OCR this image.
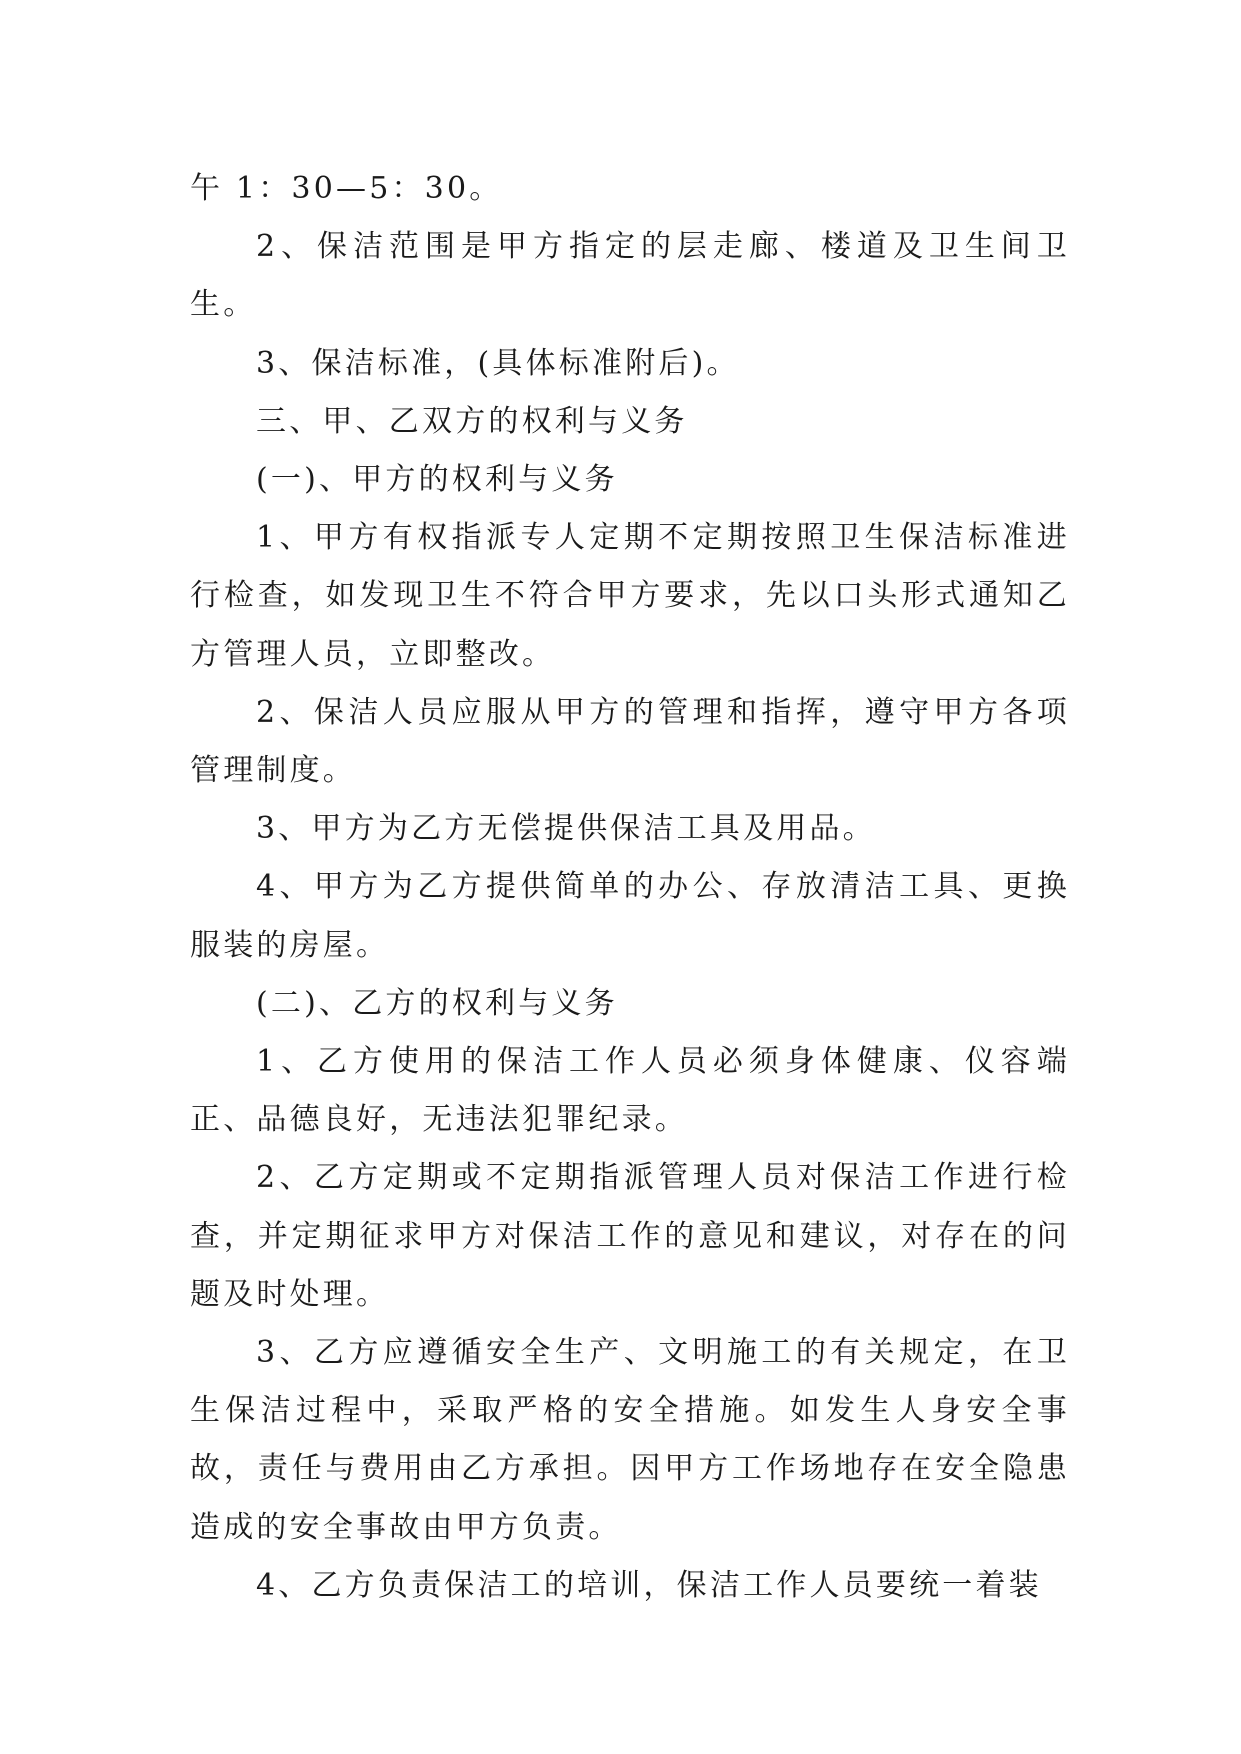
午 1：30—5：30。

2、保洁范围是甲方指定的层走廊、楼道及卫生间卫生。

3、保洁标准，(具体标准附后)。

三、甲、乙双方的权利与义务

(一)、甲方的权利与义务

1、甲方有权指派专人定期不定期按照卫生保洁标准进行检查，如发现卫生不符合甲方要求，先以口头形式通知乙方管理人员，立即整改。

2、保洁人员应服从甲方的管理和指挥，遵守甲方各项管理制度。

3、甲方为乙方无偿提供保洁工具及用品。

4、甲方为乙方提供简单的办公、存放清洁工具、更换服装的房屋。

(二)、乙方的权利与义务

1、乙方使用的保洁工作人员必须身体健康、仪容端正、品德良好，无违法犯罪纪录。

2、乙方定期或不定期指派管理人员对保洁工作进行检查，并定期征求甲方对保洁工作的意见和建议，对存在的问题及时处理。

3、乙方应遵循安全生产、文明施工的有关规定，在卫生保洁过程中，采取严格的安全措施。如发生人身安全事故，责任与费用由乙方承担。因甲方工作场地存在安全隐患造成的安全事故由甲方负责。

4、乙方负责保洁工的培训，保洁工作人员要统一着装
